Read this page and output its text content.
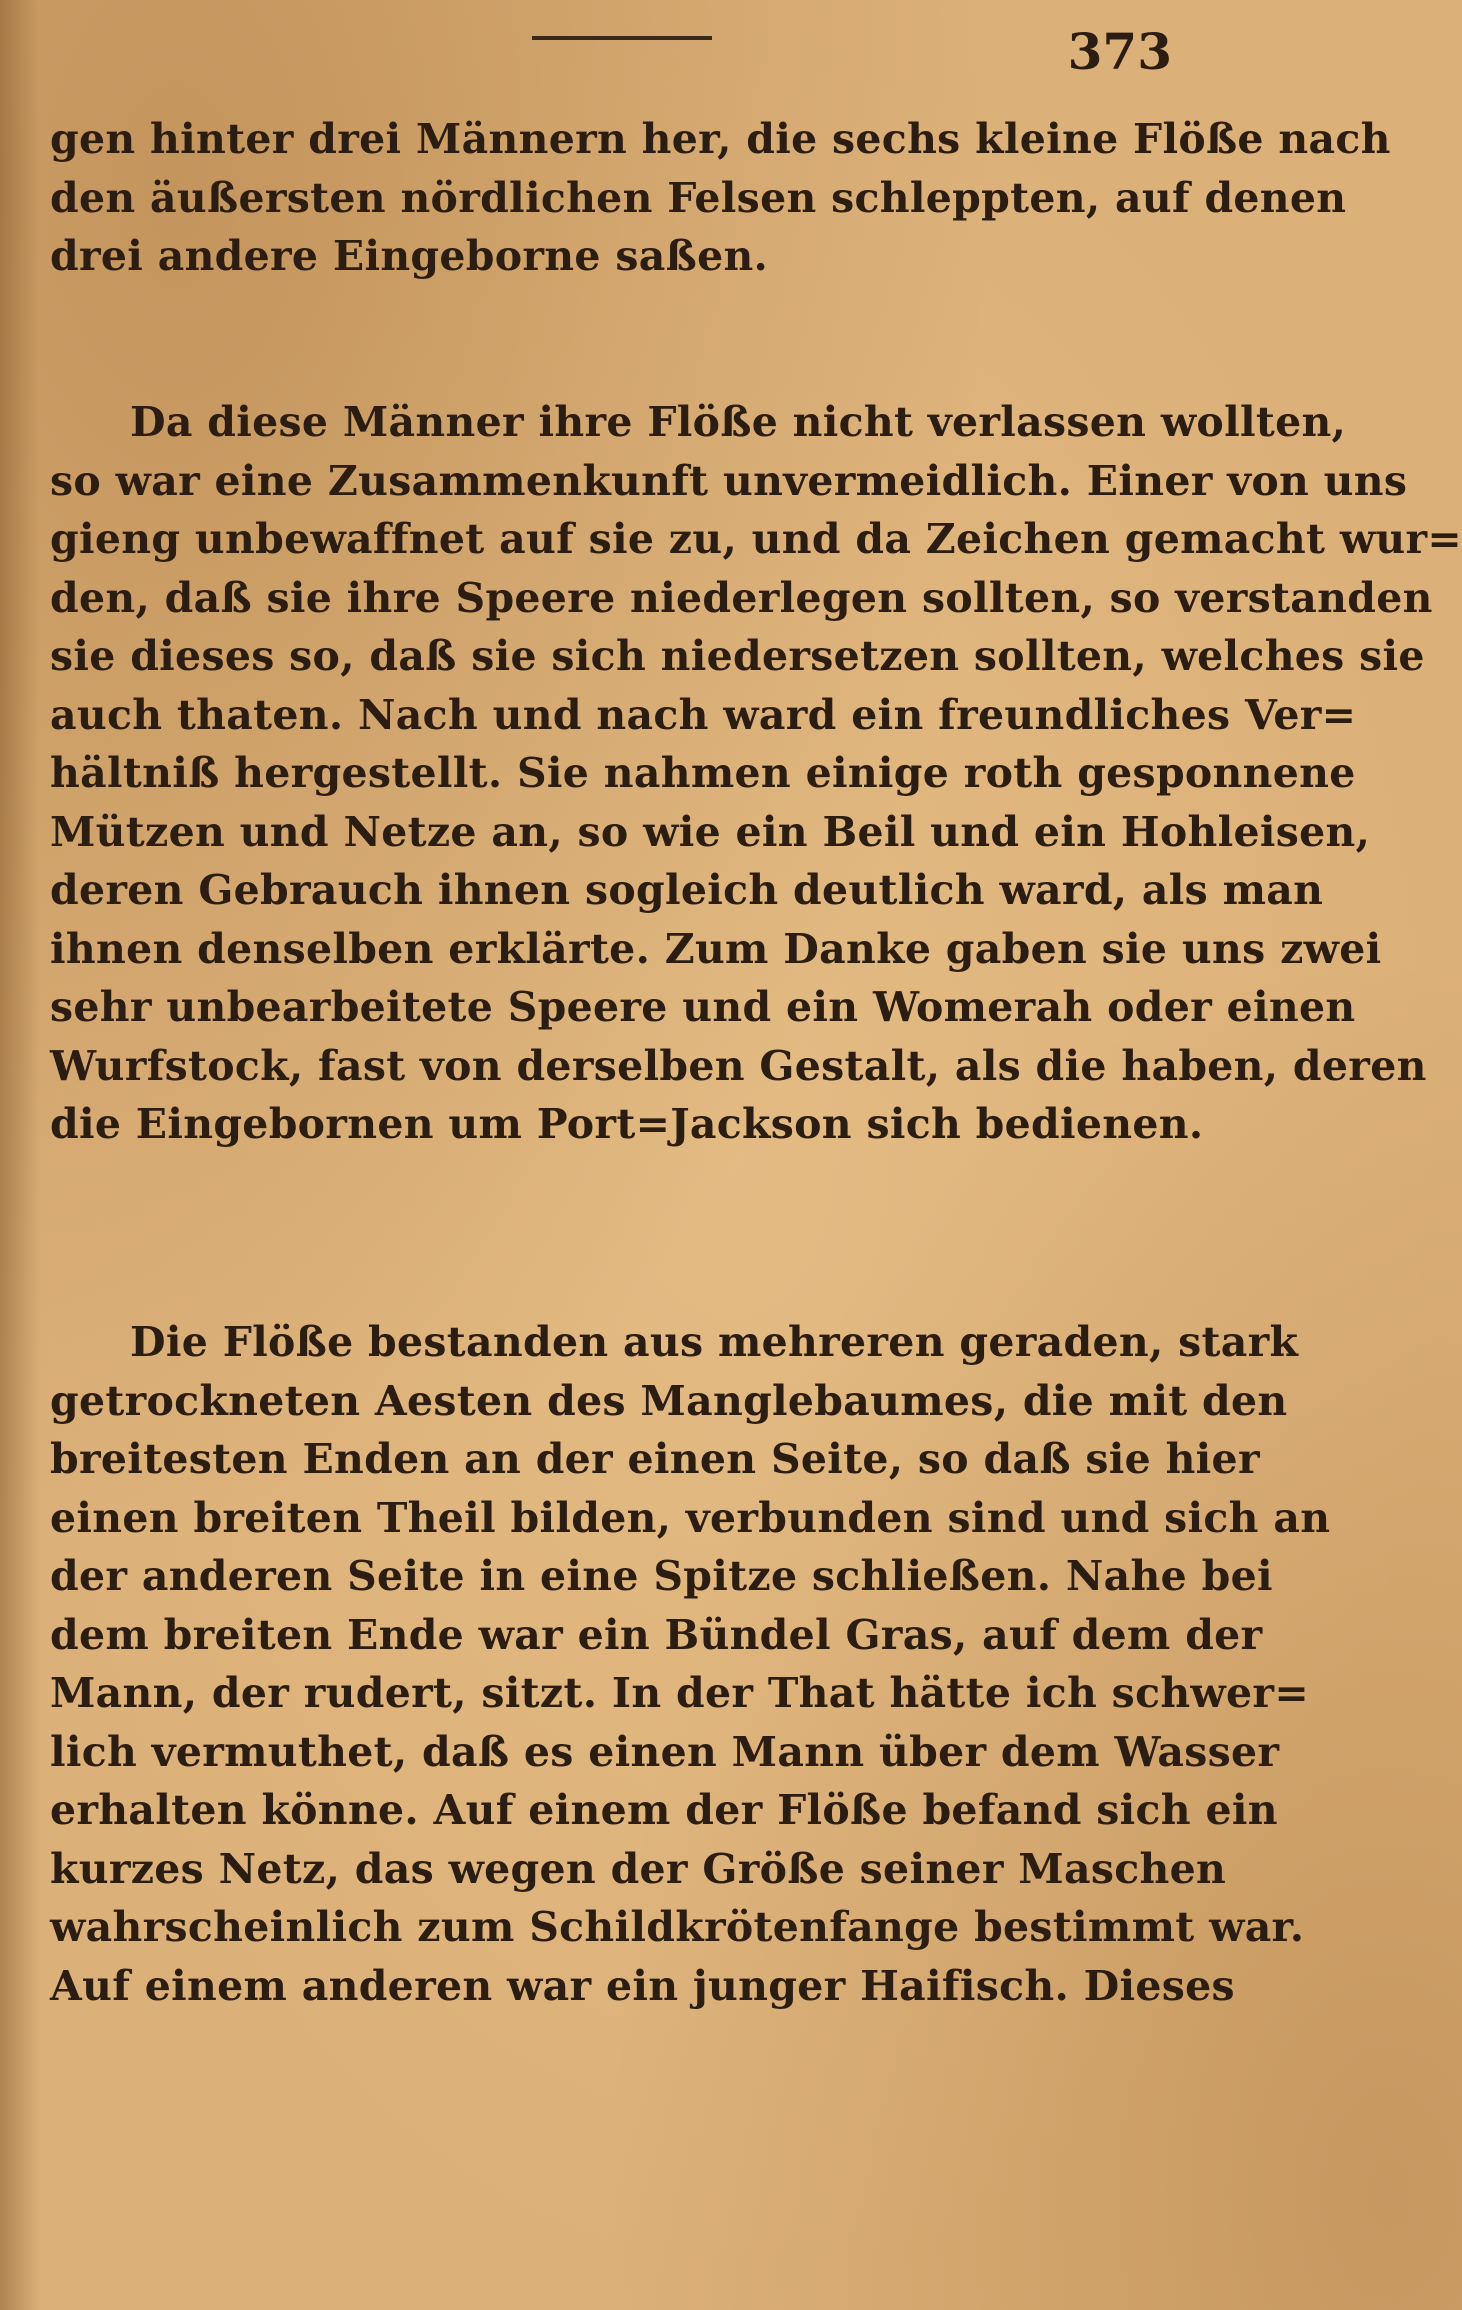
373
gen hinter drei Männern her, die sechs kleine Flöße nach
den äußersten nördlichen Felsen schleppten, auf denen
drei andere Eingeborne saßen.
Da diese Männer ihre Flöße nicht verlassen wollten,
so war eine Zusammenkunft unvermeidlich. Einer von uns
gieng unbewaffnet auf sie zu, und da Zeichen gemacht wur=
den, daß sie ihre Speere niederlegen sollten, so verstanden
sie dieses so, daß sie sich niedersetzen sollten, welches sie
auch thaten. Nach und nach ward ein freundliches Ver=
hältniß hergestellt. Sie nahmen einige roth gesponnene
Mützen und Netze an, so wie ein Beil und ein Hohleisen,
deren Gebrauch ihnen sogleich deutlich ward, als man
ihnen denselben erklärte. Zum Danke gaben sie uns zwei
sehr unbearbeitete Speere und ein Womerah oder einen
Wurfstock, fast von derselben Gestalt, als die haben, deren
die Eingebornen um Port=Jackson sich bedienen.
Die Flöße bestanden aus mehreren geraden, stark
getrockneten Aesten des Manglebaumes, die mit den
breitesten Enden an der einen Seite, so daß sie hier
einen breiten Theil bilden, verbunden sind und sich an
der anderen Seite in eine Spitze schließen. Nahe bei
dem breiten Ende war ein Bündel Gras, auf dem der
Mann, der rudert, sitzt. In der That hätte ich schwer=
lich vermuthet, daß es einen Mann über dem Wasser
erhalten könne. Auf einem der Flöße befand sich ein
kurzes Netz, das wegen der Größe seiner Maschen
wahrscheinlich zum Schildkrötenfange bestimmt war.
Auf einem anderen war ein junger Haifisch. Dieses
